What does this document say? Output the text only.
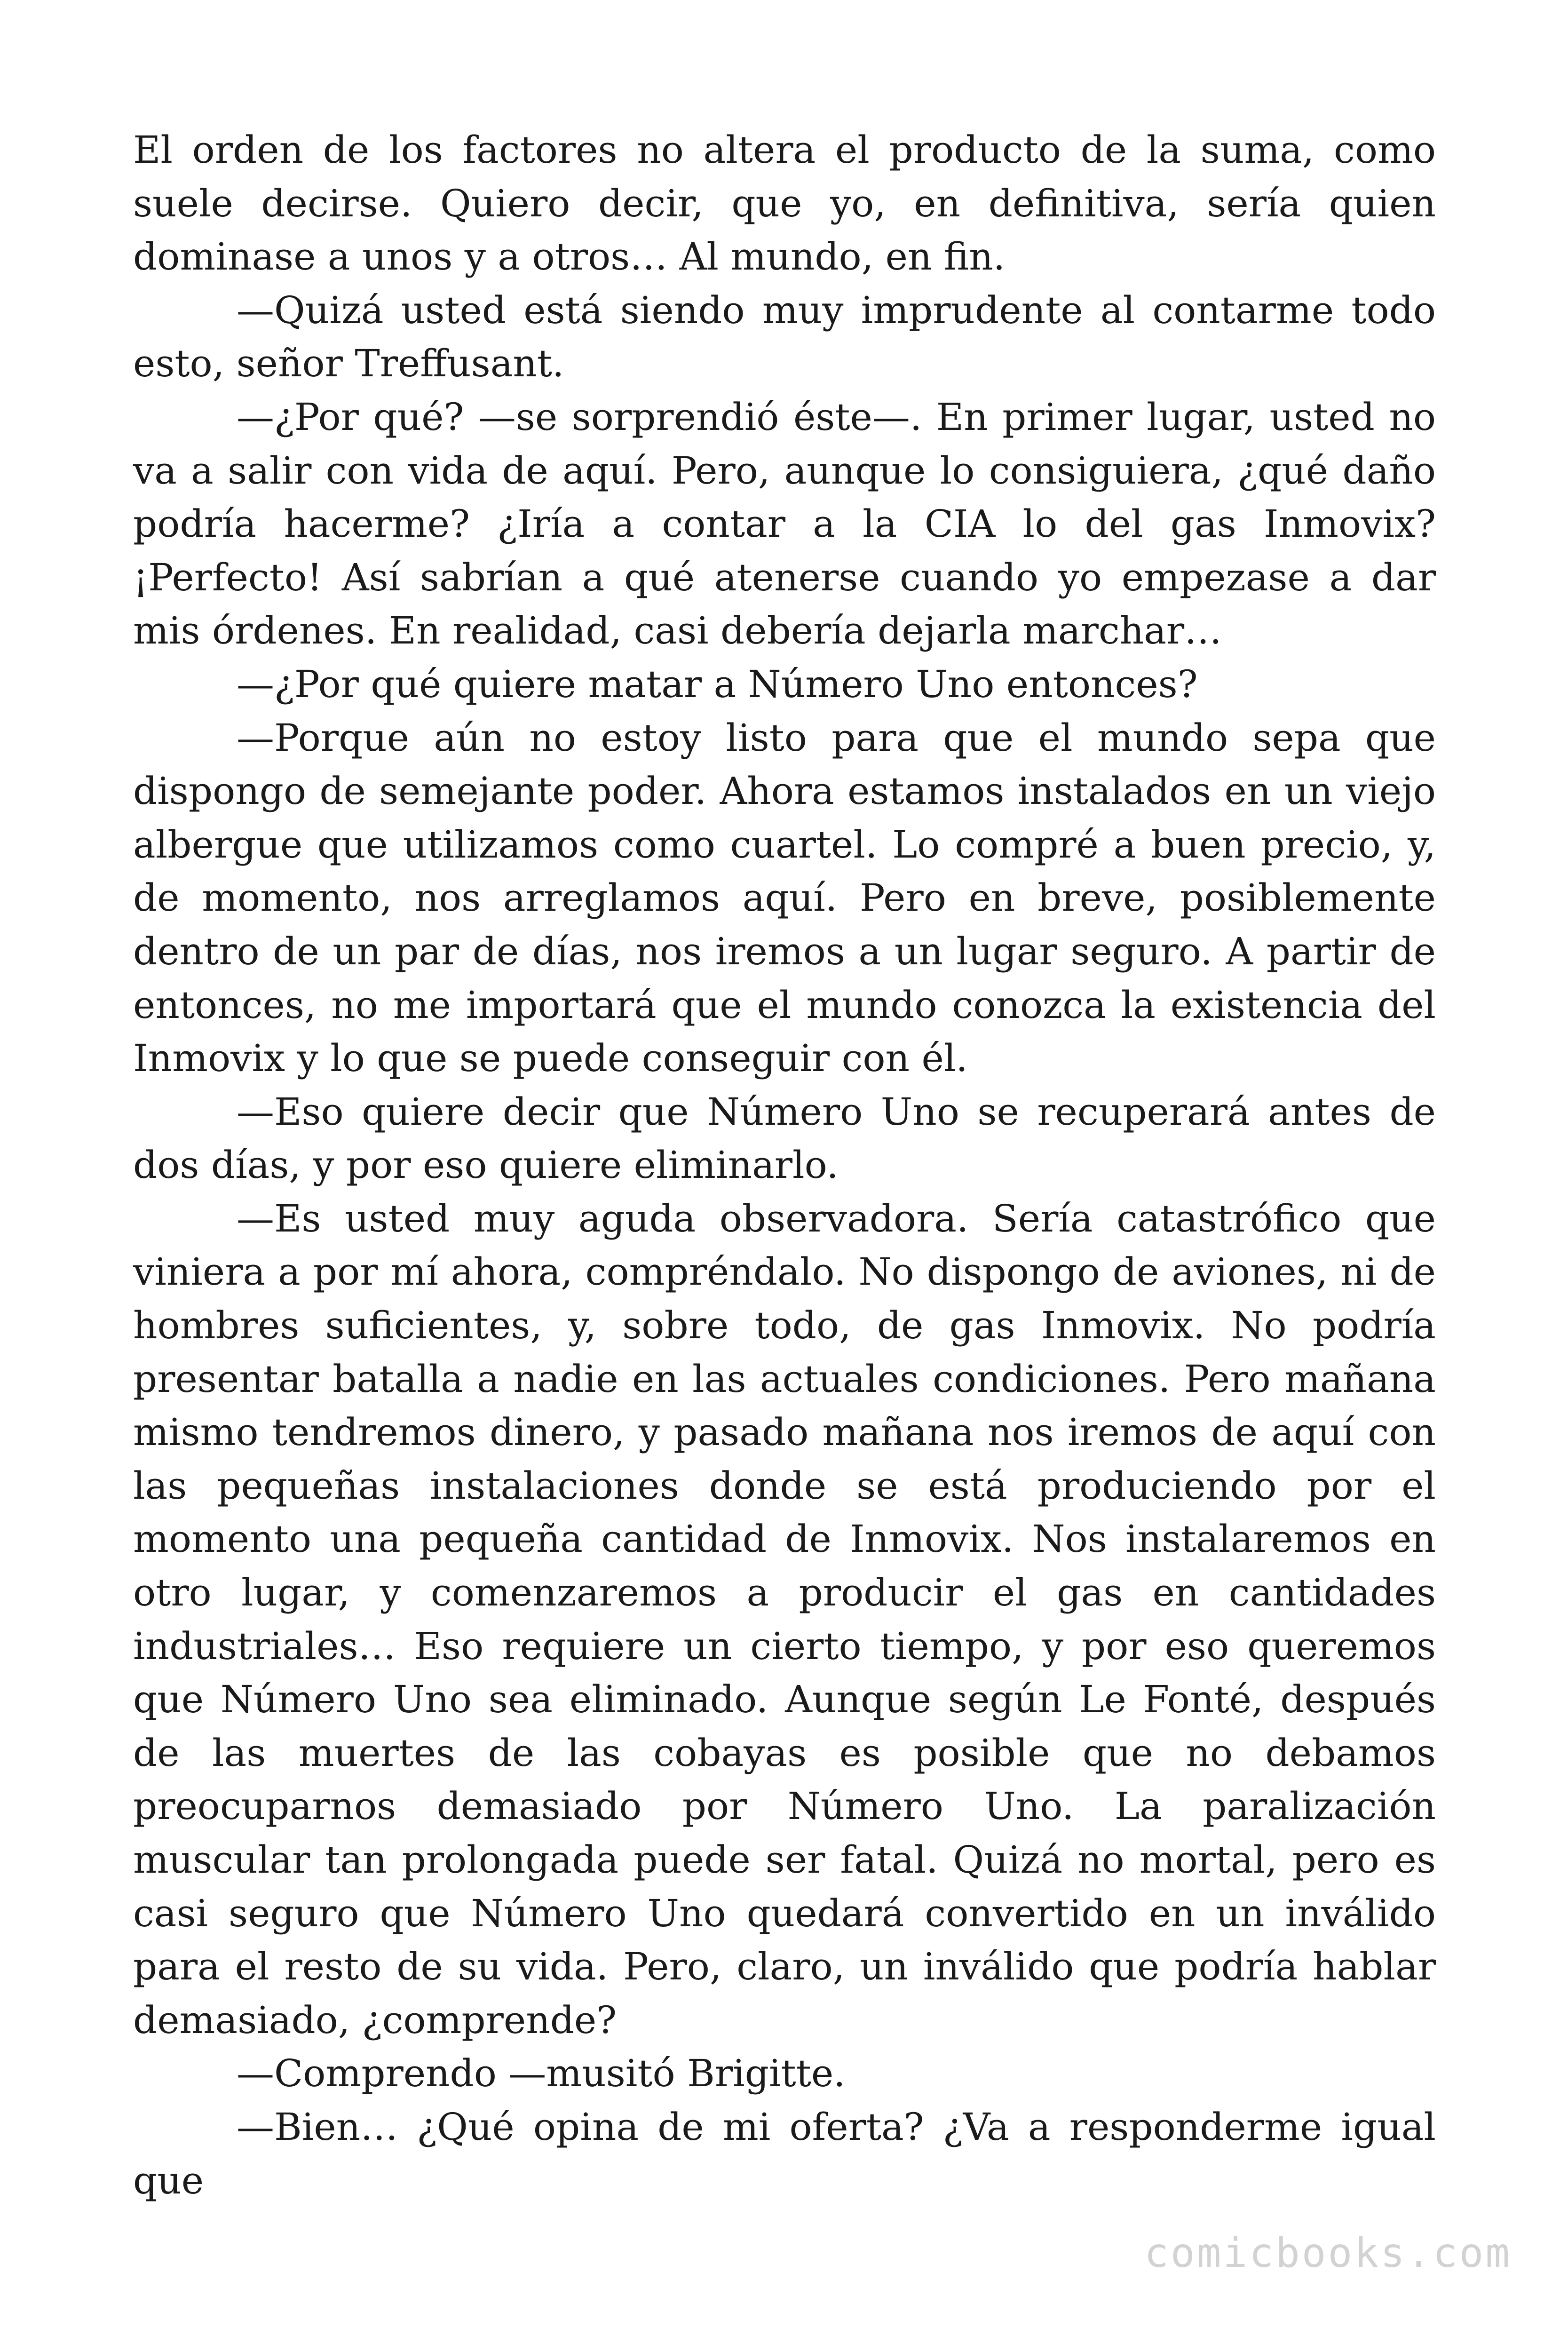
El orden de los factores no altera el producto de la suma, como suele decirse. Quiero decir, que yo, en definitiva, sería quien dominase a unos y a otros… Al mundo, en fin.

—Quizá usted está siendo muy imprudente al contarme todo esto, señor Treffusant.

—¿Por qué? —se sorprendió éste—. En primer lugar, usted no va a salir con vida de aquí. Pero, aunque lo consiguiera, ¿qué daño podría hacerme? ¿Iría a contar a la CIA lo del gas Inmovix? ¡Perfecto! Así sabrían a qué atenerse cuando yo empezase a dar mis órdenes. En realidad, casi debería dejarla marchar…

—¿Por qué quiere matar a Número Uno entonces?

—Porque aún no estoy listo para que el mundo sepa que dispongo de semejante poder. Ahora estamos instalados en un viejo albergue que utilizamos como cuartel. Lo compré a buen precio, y, de momento, nos arreglamos aquí. Pero en breve, posiblemente dentro de un par de días, nos iremos a un lugar seguro. A partir de entonces, no me importará que el mundo conozca la existencia del Inmovix y lo que se puede conseguir con él.

—Eso quiere decir que Número Uno se recuperará antes de dos días, y por eso quiere eliminarlo.

—Es usted muy aguda observadora. Sería catastrófico que viniera a por mí ahora, compréndalo. No dispongo de aviones, ni de hombres suficientes, y, sobre todo, de gas Inmovix. No podría presentar batalla a nadie en las actuales condiciones. Pero mañana mismo tendremos dinero, y pasado mañana nos iremos de aquí con las pequeñas instalaciones donde se está produciendo por el momento una pequeña cantidad de Inmovix. Nos instalaremos en otro lugar, y comenzaremos a producir el gas en cantidades industriales… Eso requiere un cierto tiempo, y por eso queremos que Número Uno sea eliminado. Aunque según Le Fonté, después de las muertes de las cobayas es posible que no debamos preocuparnos demasiado por Número Uno. La paralización muscular tan prolongada puede ser fatal. Quizá no mortal, pero es casi seguro que Número Uno quedará convertido en un inválido para el resto de su vida. Pero, claro, un inválido que podría hablar demasiado, ¿comprende?

—Comprendo —musitó Brigitte.

—Bien… ¿Qué opina de mi oferta? ¿Va a responderme igual que

comicbooks.com
